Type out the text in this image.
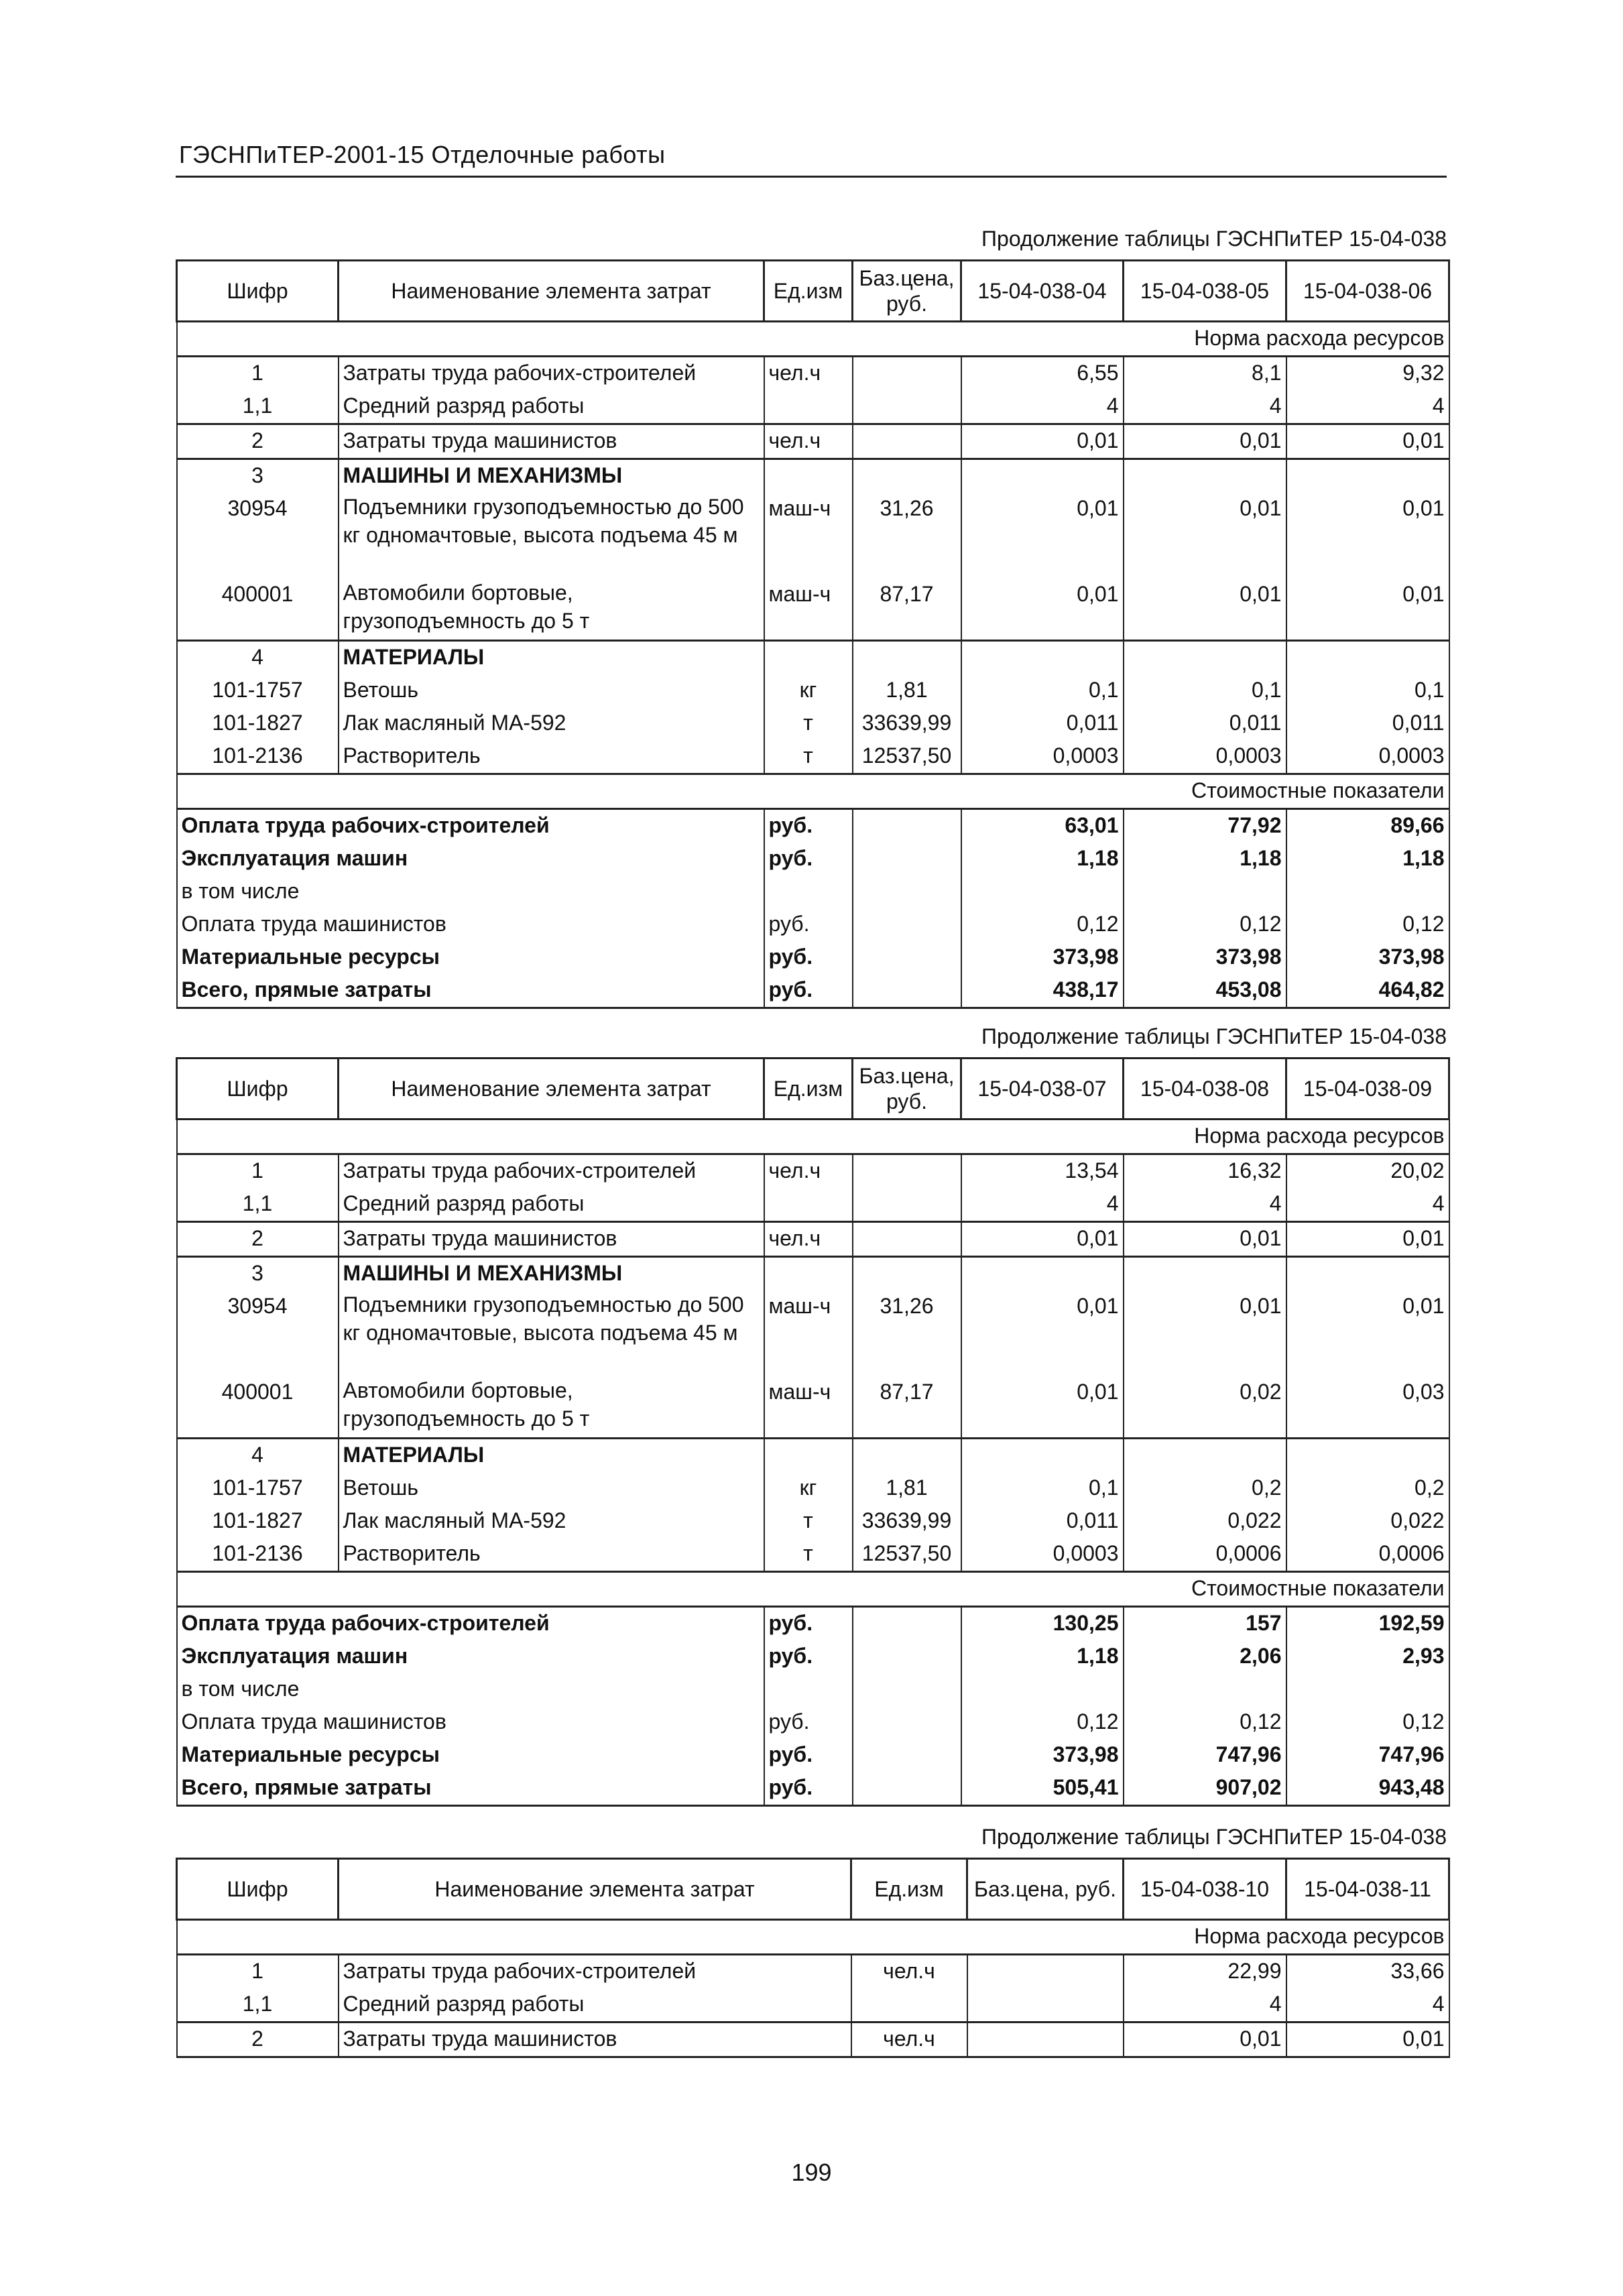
ГЭСНПиТЕР-2001-15 Отделочные работы
Продолжение таблицы ГЭСНПиТЕР 15-04-038
Шифр	Наименование элемента затрат	Ед.изм	Баз.цена, руб.	15-04-038-04	15-04-038-05	15-04-038-06
Норма расхода ресурсов						
1	Затраты труда рабочих-строителей	чел.ч		6,55	8,1	9,32
1,1	Средний разряд работы			4	4	4
2	Затраты труда машинистов	чел.ч		0,01	0,01	0,01
3	МАШИНЫ И МЕХАНИЗМЫ					
30954	Подъемники грузоподъемностью до 500 кг одномачтовые, высота подъема 45 м	маш-ч	31,26	0,01	0,01	0,01
400001	Автомобили бортовые, грузоподъемность до 5 т	маш-ч	87,17	0,01	0,01	0,01
4	МАТЕРИАЛЫ					
101-1757	Ветошь	кг	1,81	0,1	0,1	0,1
101-1827	Лак масляный МА-592	т	33639,99	0,011	0,011	0,011
101-2136	Растворитель	т	12537,50	0,0003	0,0003	0,0003
Стоимостные показатели						
Оплата труда рабочих-строителей		руб.		63,01	77,92	89,66
Эксплуатация машин		руб.		1,18	1,18	1,18
в том числе						
Оплата труда машинистов		руб.		0,12	0,12	0,12
Материальные ресурсы		руб.		373,98	373,98	373,98
Всего, прямые затраты		руб.		438,17	453,08	464,82
Продолжение таблицы ГЭСНПиТЕР 15-04-038
Шифр	Наименование элемента затрат	Ед.изм	Баз.цена, руб.	15-04-038-07	15-04-038-08	15-04-038-09
Норма расхода ресурсов						
1	Затраты труда рабочих-строителей	чел.ч		13,54	16,32	20,02
1,1	Средний разряд работы			4	4	4
2	Затраты труда машинистов	чел.ч		0,01	0,01	0,01
3	МАШИНЫ И МЕХАНИЗМЫ					
30954	Подъемники грузоподъемностью до 500 кг одномачтовые, высота подъема 45 м	маш-ч	31,26	0,01	0,01	0,01
400001	Автомобили бортовые, грузоподъемность до 5 т	маш-ч	87,17	0,01	0,02	0,03
4	МАТЕРИАЛЫ					
101-1757	Ветошь	кг	1,81	0,1	0,2	0,2
101-1827	Лак масляный МА-592	т	33639,99	0,011	0,022	0,022
101-2136	Растворитель	т	12537,50	0,0003	0,0006	0,0006
Стоимостные показатели						
Оплата труда рабочих-строителей		руб.		130,25	157	192,59
Эксплуатация машин		руб.		1,18	2,06	2,93
в том числе						
Оплата труда машинистов		руб.		0,12	0,12	0,12
Материальные ресурсы		руб.		373,98	747,96	747,96
Всего, прямые затраты		руб.		505,41	907,02	943,48
Продолжение таблицы ГЭСНПиТЕР 15-04-038
Шифр	Наименование элемента затрат	Ед.изм	Баз.цена, руб.	15-04-038-10	15-04-038-11
Норма расхода ресурсов					
1	Затраты труда рабочих-строителей	чел.ч		22,99	33,66
1,1	Средний разряд работы			4	4
2	Затраты труда машинистов	чел.ч		0,01	0,01
199
